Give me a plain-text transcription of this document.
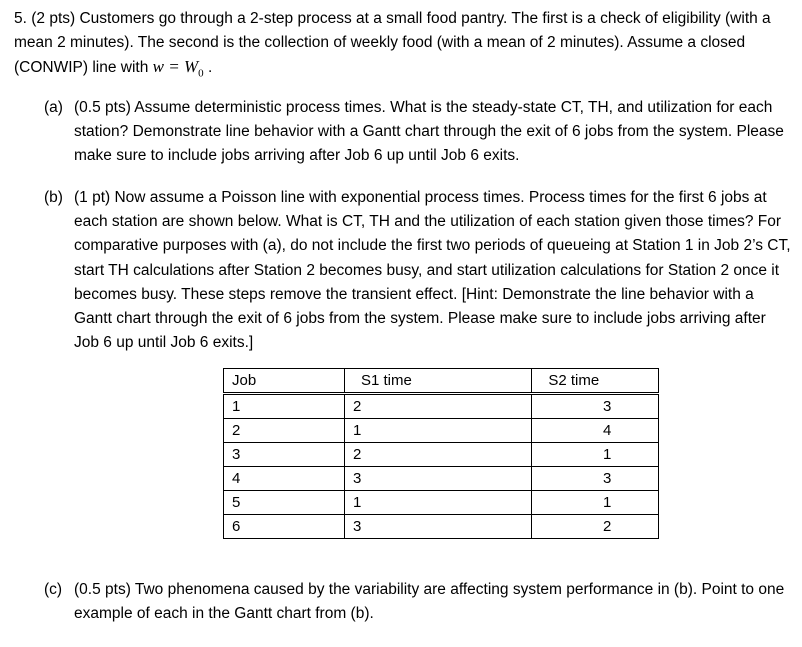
5. (2 pts) Customers go through a 2-step process at a small food pantry. The first is a check of eligibility (with a mean 2 minutes). The second is the collection of weekly food (with a mean of 2 minutes). Assume a closed (CONWIP) line with $w = W_0$ .
(a) (0.5 pts) Assume deterministic process times. What is the steady-state CT, TH, and utilization for each station? Demonstrate line behavior with a Gantt chart through the exit of 6 jobs from the system. Please make sure to include jobs arriving after Job 6 up until Job 6 exits.
(b) (1 pt) Now assume a Poisson line with exponential process times. Process times for the first 6 jobs at each station are shown below. What is CT, TH and the utilization of each station given those times? For comparative purposes with (a), do not include the first two periods of queueing at Station 1 in Job 2’s CT, start TH calculations after Station 2 becomes busy, and start utilization calculations for Station 2 once it becomes busy. These steps remove the transient effect. [Hint: Demonstrate the line behavior with a Gantt chart through the exit of 6 jobs from the system. Please make sure to include jobs arriving after Job 6 up until Job 6 exits.]
Job	S1 time	S2 time
1	2	3
2	1	4
3	2	1
4	3	3
5	1	1
6	3	2
(c) (0.5 pts) Two phenomena caused by the variability are affecting system performance in (b). Point to one example of each in the Gantt chart from (b).
